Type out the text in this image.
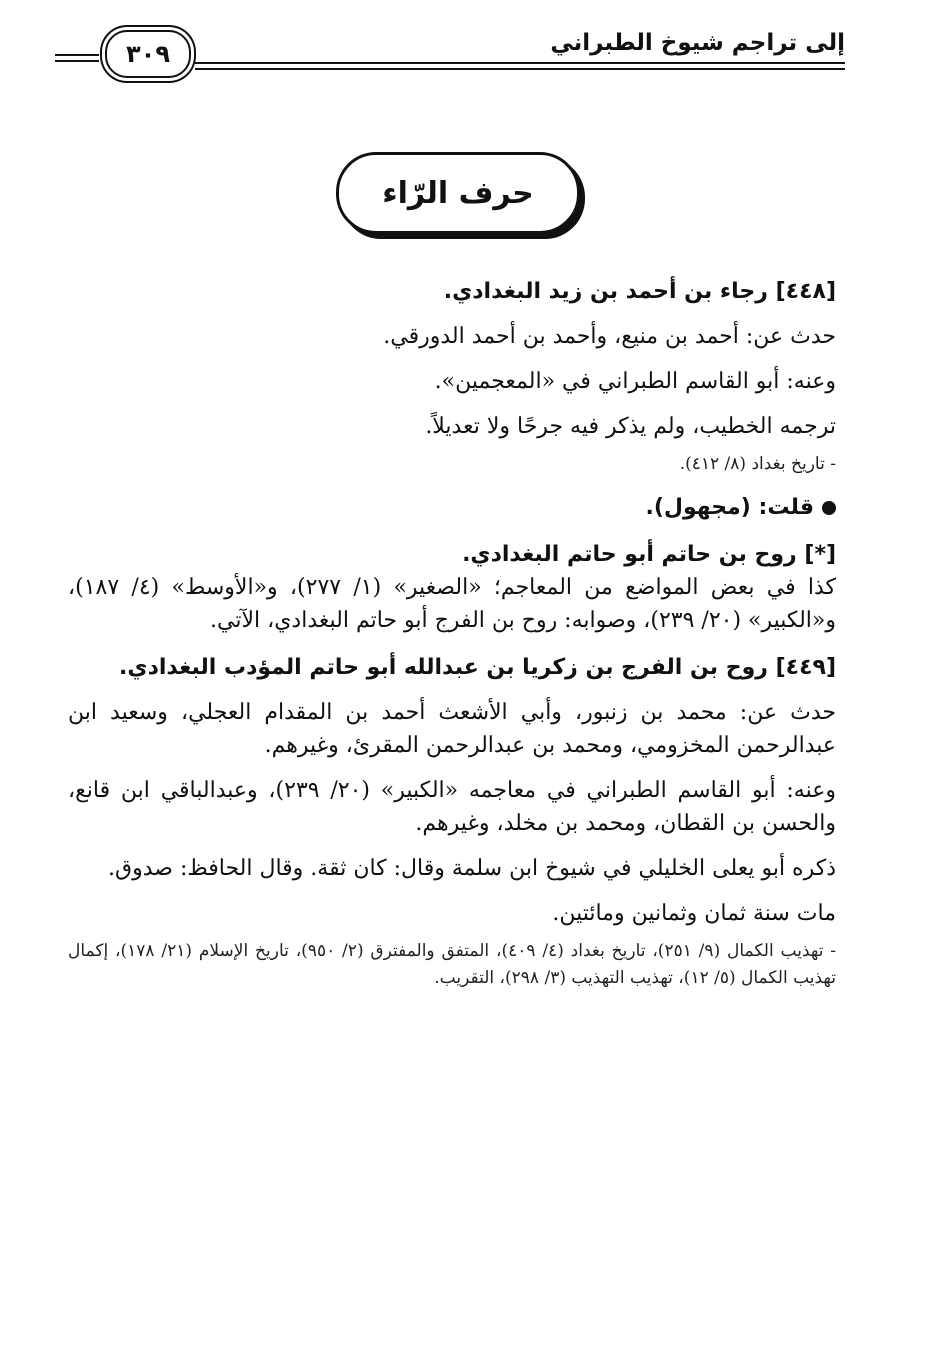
٣٠٩	إلى تراجم شيوخ الطبراني
حرف الرّاء

[٤٤٨] رجاء بن أحمد بن زيد البغدادي.

حدث عن: أحمد بن منيع، وأحمد بن أحمد الدورقي.

وعنه: أبو القاسم الطبراني في «المعجمين».

ترجمه الخطيب، ولم يذكر فيه جرحًا ولا تعديلاً.

- تاريخ بغداد (٨/ ٤١٢).

قلت: (مجهول).

[*] روح بن حاتم أبو حاتم البغدادي.

كذا في بعض المواضع من المعاجم؛ «الصغير» (١/ ٢٧٧)، و«الأوسط» (٤/ ١٨٧)، و«الكبير» (٢٠/ ٢٣٩)، وصوابه: روح بن الفرج أبو حاتم البغدادي، الآتي.

[٤٤٩] روح بن الفرج بن زكريا بن عبدالله أبو حاتم المؤدب البغدادي.

حدث عن: محمد بن زنبور، وأبي الأشعث أحمد بن المقدام العجلي، وسعيد ابن عبدالرحمن المخزومي، ومحمد بن عبدالرحمن المقرئ، وغيرهم.

وعنه: أبو القاسم الطبراني في معاجمه «الكبير» (٢٠/ ٢٣٩)، وعبدالباقي ابن قانع، والحسن بن القطان، ومحمد بن مخلد، وغيرهم.

ذكره أبو يعلى الخليلي في شيوخ ابن سلمة وقال: كان ثقة. وقال الحافظ: صدوق.

مات سنة ثمان وثمانين ومائتين.

- تهذيب الكمال (٩/ ٢٥١)، تاريخ بغداد (٤/ ٤٠٩)، المتفق والمفترق (٢/ ٩٥٠)، تاريخ الإسلام (٢١/ ١٧٨)، إكمال تهذيب الكمال (٥/ ١٢)، تهذيب التهذيب (٣/ ٢٩٨)، التقريب.
